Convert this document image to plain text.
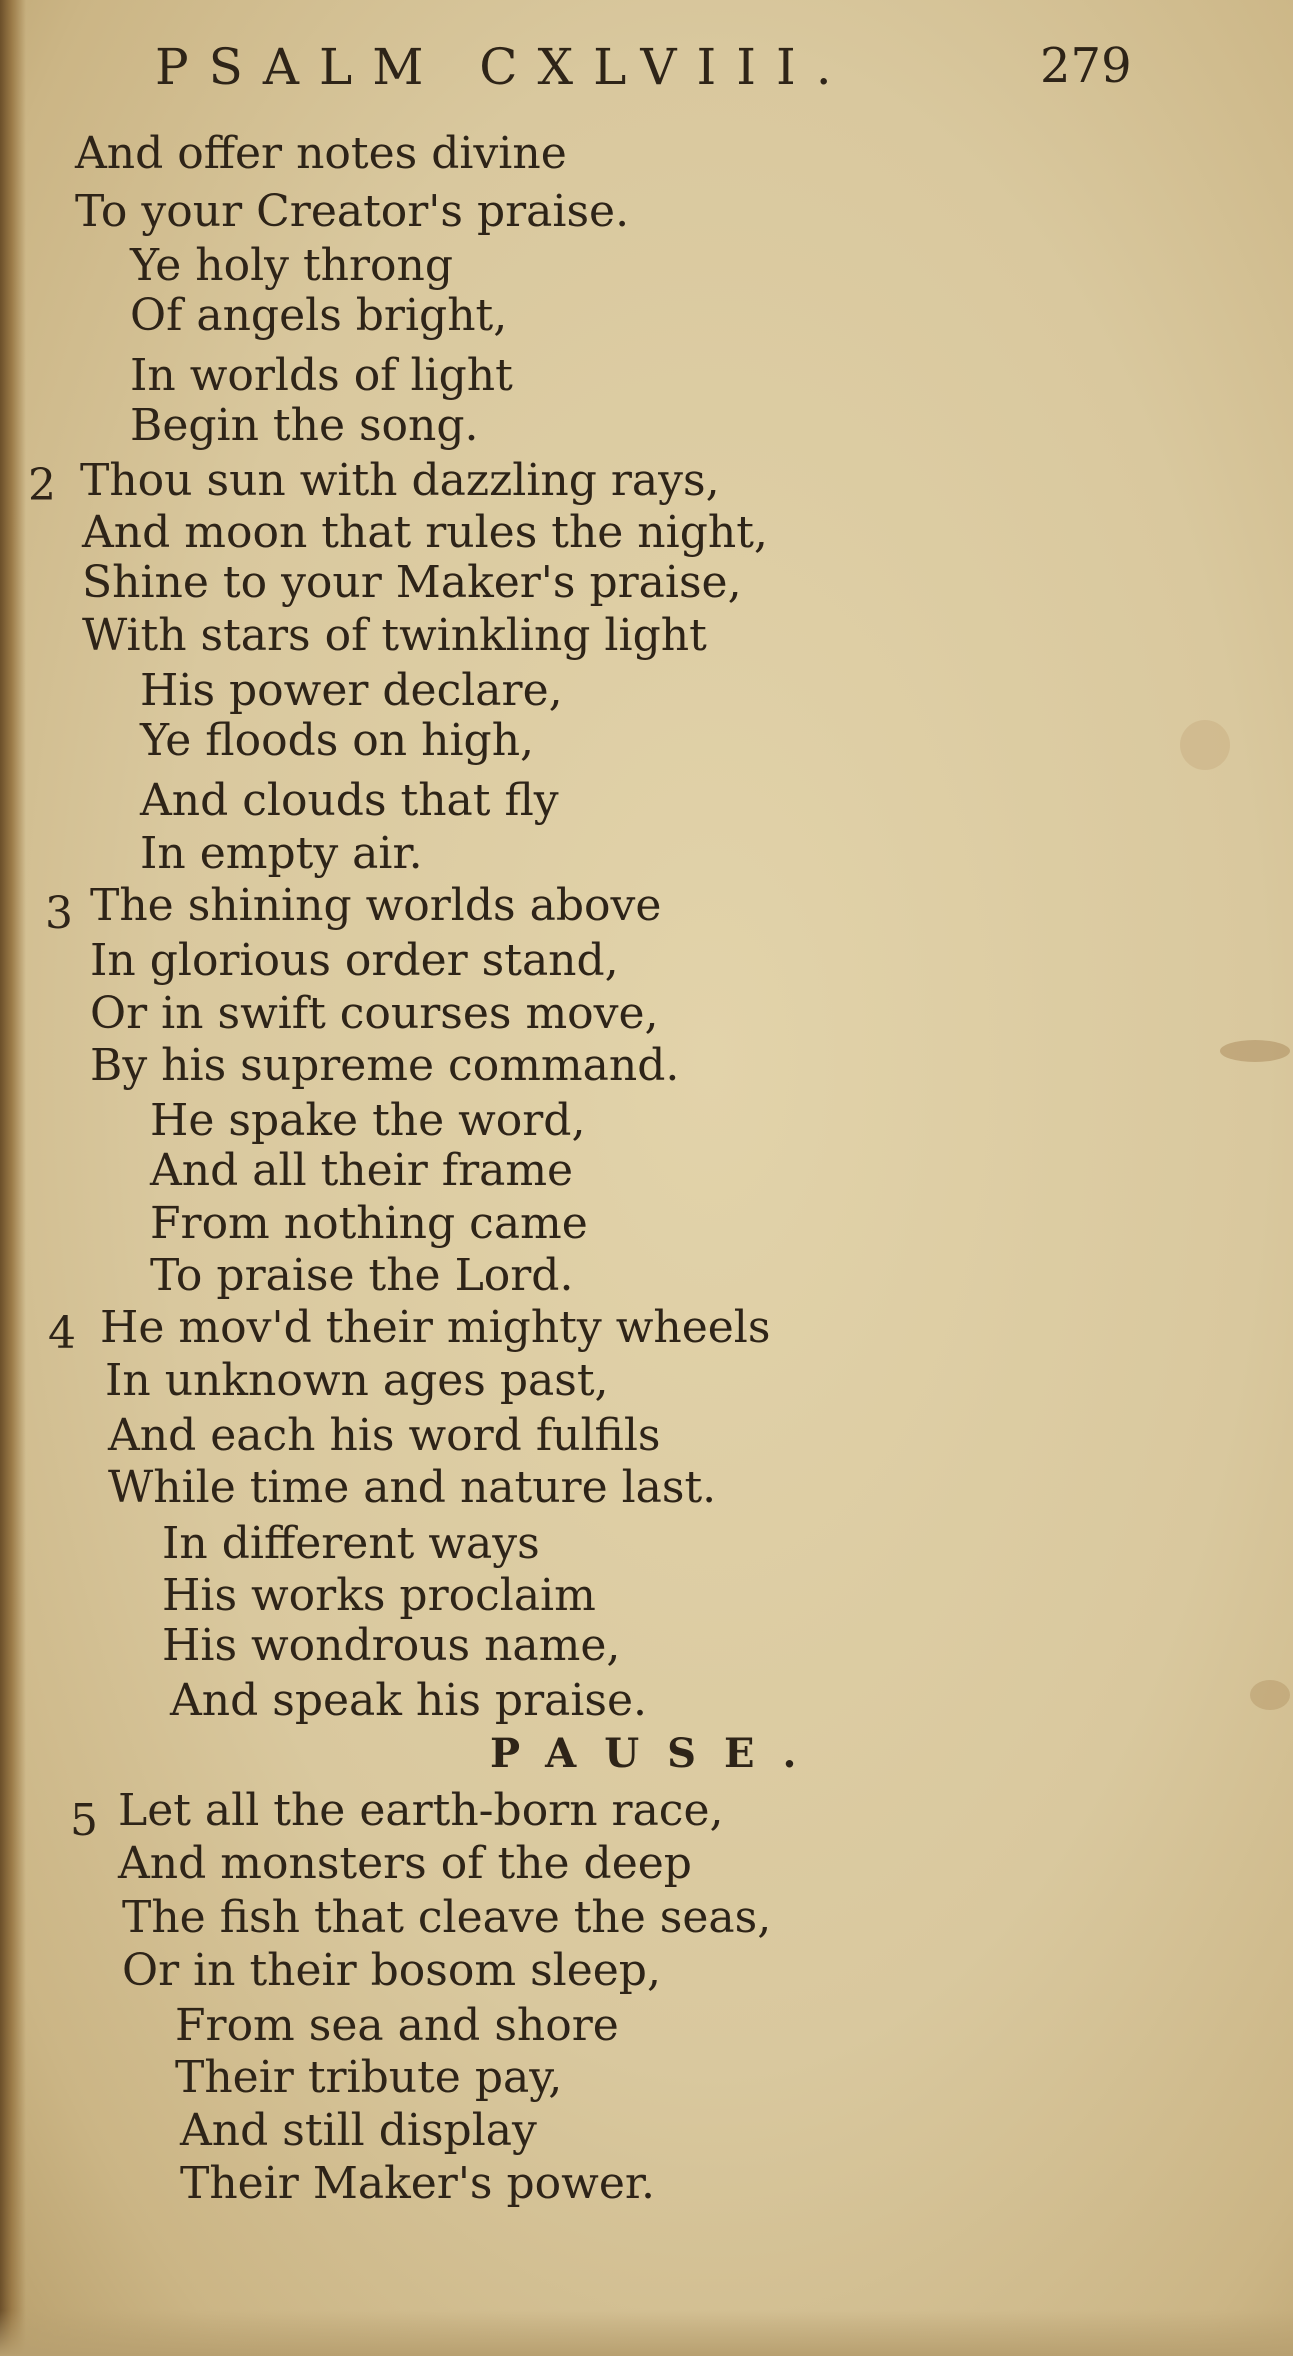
PSALM CXLVIII.	279
And offer notes divine
To your Creator's praise.
Ye holy throng
Of angels bright,
In worlds of light
Begin the song.
2 Thou sun with dazzling rays,
And moon that rules the night,
Shine to your Maker's praise,
With stars of twinkling light
His power declare,
Ye floods on high,
And clouds that fly
In empty air.
3 The shining worlds above
In glorious order stand,
Or in swift courses move,
By his supreme command.
He spake the word,
And all their frame
From nothing came
To praise the Lord.
4 He mov'd their mighty wheels
In unknown ages past,
And each his word fulfils
While time and nature last.
In different ways
His works proclaim
His wondrous name,
And speak his praise.
PAUSE.
5 Let all the earth-born race,
And monsters of the deep
The fish that cleave the seas,
Or in their bosom sleep,
From sea and shore
Their tribute pay,
And still display
Their Maker's power.
